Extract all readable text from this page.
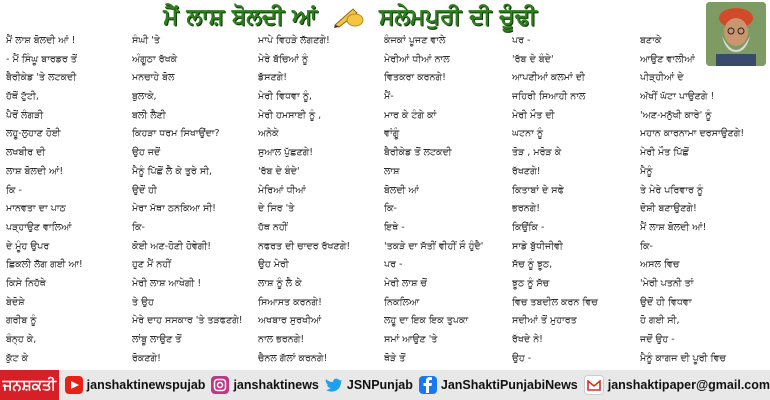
ਮੈਂ ਲਾਸ਼ ਬੋਲਦੀ ਆਂ	ਸਲੇਮਪੁਰੀ ਦੀ ਚੂੰਢੀ
ਮੈਂ ਲਾਸ਼ ਬੋਲਦੀ ਆਂ !
- ਮੈਂ ਸਿੰਘੂ ਬਾਰਡਰ ਤੋਂ
ਬੈਰੀਕੇਡ 'ਤੇ ਲਟਕਦੀ
ਹੱਥੋਂ ਟੁੱਟੀ,
ਪੈਰੋਂ ਲੰਗੜੀ
ਲਹੂ-ਲੁਹਾਣ ਹੋਈ
ਲਖਬੀਰ ਦੀ
ਲਾਸ਼ ਬੋਲਦੀ ਆਂ!
ਕਿ -
ਮਾਨਵਤਾ ਦਾ ਪਾਠ
ਪੜ੍ਹਾਉਣ ਵਾਲਿਆਂ
ਦੇ ਮੂੰਹ ਉਪਰ
ਛਿਕਲੀ ਲੱਗ ਗਈ ਆ!
ਕਿਸੇ ਨਿਹੱਥੇ
ਬੇਦੋਸ਼ੇ
ਗਰੀਬ ਨੂੰ
ਬੰਨ੍ਹ ਕੇ,
ਕੁੱਟ ਕੇ
ਸੰਘੀ 'ਤੇ
ਅੰਗੂਠਾ ਰੱਖਕੇ
ਮਨਚਾਹੇ ਬੋਲ
ਬੁਲਾਕੇ,
ਬਲੀ ਲੈਣੀ
ਕਿਹੜਾ ਧਰਮ ਸਿਖਾਉਂਦਾ?
ਉਹ ਜਦੋਂ
ਮੈਨੂੰ ਪਿੱਛੋਂ ਲੈ ਕੇ ਤੁਰੇ ਸੀ,
ਉਦੋਂ ਹੀ
ਮੇਰਾ ਮੱਥਾ ਠਨਕਿਆ ਸੀ!
ਕਿ-
ਕੋਈ ਅਣ-ਹੋਣੀ ਹੋਵੇਗੀ!
ਹੁਣ ਮੈਂ ਨਹੀਂ
ਮੇਰੀ ਲਾਸ਼ ਆਖੇਗੀ !
ਤੇ ਉਹ
ਮੇਰੇ ਦਾਹ ਸਸਕਾਰ 'ਤੇ ਤੜਫਣਗੇ!
ਲਾਂਬੂ ਲਾਉਣ ਤੋਂ
ਰੋਕਣਗੇ!
ਮਾਪੇ ਵਿਹੜੇ ਲੱਗਣਗੇ!
ਮੇਰੇ ਬੱਚਿਆਂ ਨੂੰ
ਡੱਸਣਗੇ!
ਮੇਰੀ ਵਿਧਵਾ ਨੂੰ,
ਮੇਰੀ ਹਮਸਾਈ ਨੂੰ ,
ਅਨੇਕੇ
ਸੁਆਲ ਪੁੱਛਣਗੇ!
'ਰੱਬ ਦੇ ਬੰਦੇ'
ਮੇਰਿਆਂ ਧੀਆਂ
ਦੇ ਸਿਰ 'ਤੇ
ਹੱਥ ਨਹੀਂ
ਨਫਰਤ ਦੀ ਚਾਦਰ ਰੱਖਣਗੇ!
ਉਹ ਮੇਰੀ
ਲਾਸ਼ ਨੂੰ ਲੈ ਕੇ
ਸਿਆਸਤ ਕਰਨਗੇ!
ਅਖਬਾਰ ਸੁਰਖੀਆਂ
ਨਾਲ ਭਰਨਗੇ!
ਚੈਨਲ ਗੱਲਾਂ ਕਰਨਗੇ!
ਕੰਜਕਾਂ ਪੂਜਣ ਵਾਲੇ
ਮੇਰੀਆਂ ਧੀਆਂ ਨਾਲ
ਵਿਤਕਰਾ ਕਰਨਗੇ!
ਮੈਂ-
ਮਾਰ ਕੇ ਟੰਗੇ ਕਾਂ
ਵਾਂਗੂੰ
ਬੈਰੀਕੇਡ ਤੋਂ ਲਟਕਦੀ
ਲਾਸ਼
ਬੋਲਦੀ ਆਂ
ਕਿ-
ਇਥੇ -
'ਤਕੜੇ ਦਾ ਸੱਤੀਂ ਵੀਹੀਂ ਸੌ ਹੁੰਦੈ'
ਪਰ -
ਮੇਰੀ ਲਾਸ਼ ਚੋਂ
ਨਿਕਲਿਆ
ਲਹੂ ਦਾ ਇਕ ਇਕ ਤੁਪਕਾ
ਸਮਾਂ ਆਉਣ 'ਤੇ
ਥੋੜੇ ਤੋਂ
ਪਰ -
'ਰੱਬ ਦੇ ਬੰਦੇ'
ਆਪਣੀਆਂ ਕਲਮਾਂ ਦੀ
ਜਹਿਰੀ ਸਿਆਹੀ ਨਾਲ
ਮੇਰੀ ਮੌਤ ਦੀ
ਘਟਨਾ ਨੂੰ
ਤੋੜ , ਮਰੋੜ ਕੇ
ਰੱਖਣਗੇ!
ਕਿਤਾਬਾਂ ਦੇ ਸਫੇ
ਭਰਨਗੇ!
ਕਿਉਂਕਿ -
ਸਾਡੇ ਬੁੱਧੀਜੀਵੀ
ਸੱਚ ਨੂੰ ਝੂਠ,
ਝੂਠ ਨੂੰ ਸੱਚ
ਵਿਚ ਤਬਦੀਲ ਕਰਨ ਵਿਚ
ਸਦੀਆਂ ਤੋਂ ਮੁਹਾਰਤ
ਰੱਖਦੇ ਨੇ!
ਉਹ -
ਬਣਾਕੇ
ਆਉਣ ਵਾਲੀਆਂ
ਪੀੜ੍ਹੀਆਂ ਦੇ
ਅੱਖੀਂ ਘੱਟਾ ਪਾਉਣਗੇ !
'ਅਣ-ਮਨੁੱਖੀ ਕਾਰੇ' ਨੂੰ
ਮਹਾਨ ਕਾਰਨਾਮਾ ਦਰਸਾਉਣਗੇ!
ਮੇਰੀ ਮੌਤ ਪਿੱਛੋਂ
ਮੈਨੂੰ
ਤੇ ਮੇਰੇ ਪਰਿਵਾਰ ਨੂੰ
ਦੋਸ਼ੀ ਬਣਾਉਣਗੇ!
ਮੈਂ ਲਾਸ਼ ਬੋਲਦੀ ਆਂ!
ਕਿ-
ਅਸਲ ਵਿਚ
'ਮੇਰੀ ਪਤਨੀ ਤਾਂ
ਉਦੋਂ ਹੀ ਵਿਧਵਾ
ਹੋ ਗਈ ਸੀ,
ਜਦੋਂ ਉਹ -
ਮੈਨੂੰ ਕਾਗਜ ਦੀ ਪੂਰੀ ਵਿਚ
ਜਨਸ਼ਕਤੀ janshaktinewspujab janshaktinews JSNPunjab JanShaktiPunjabiNews janshaktipaper@gmail.com
